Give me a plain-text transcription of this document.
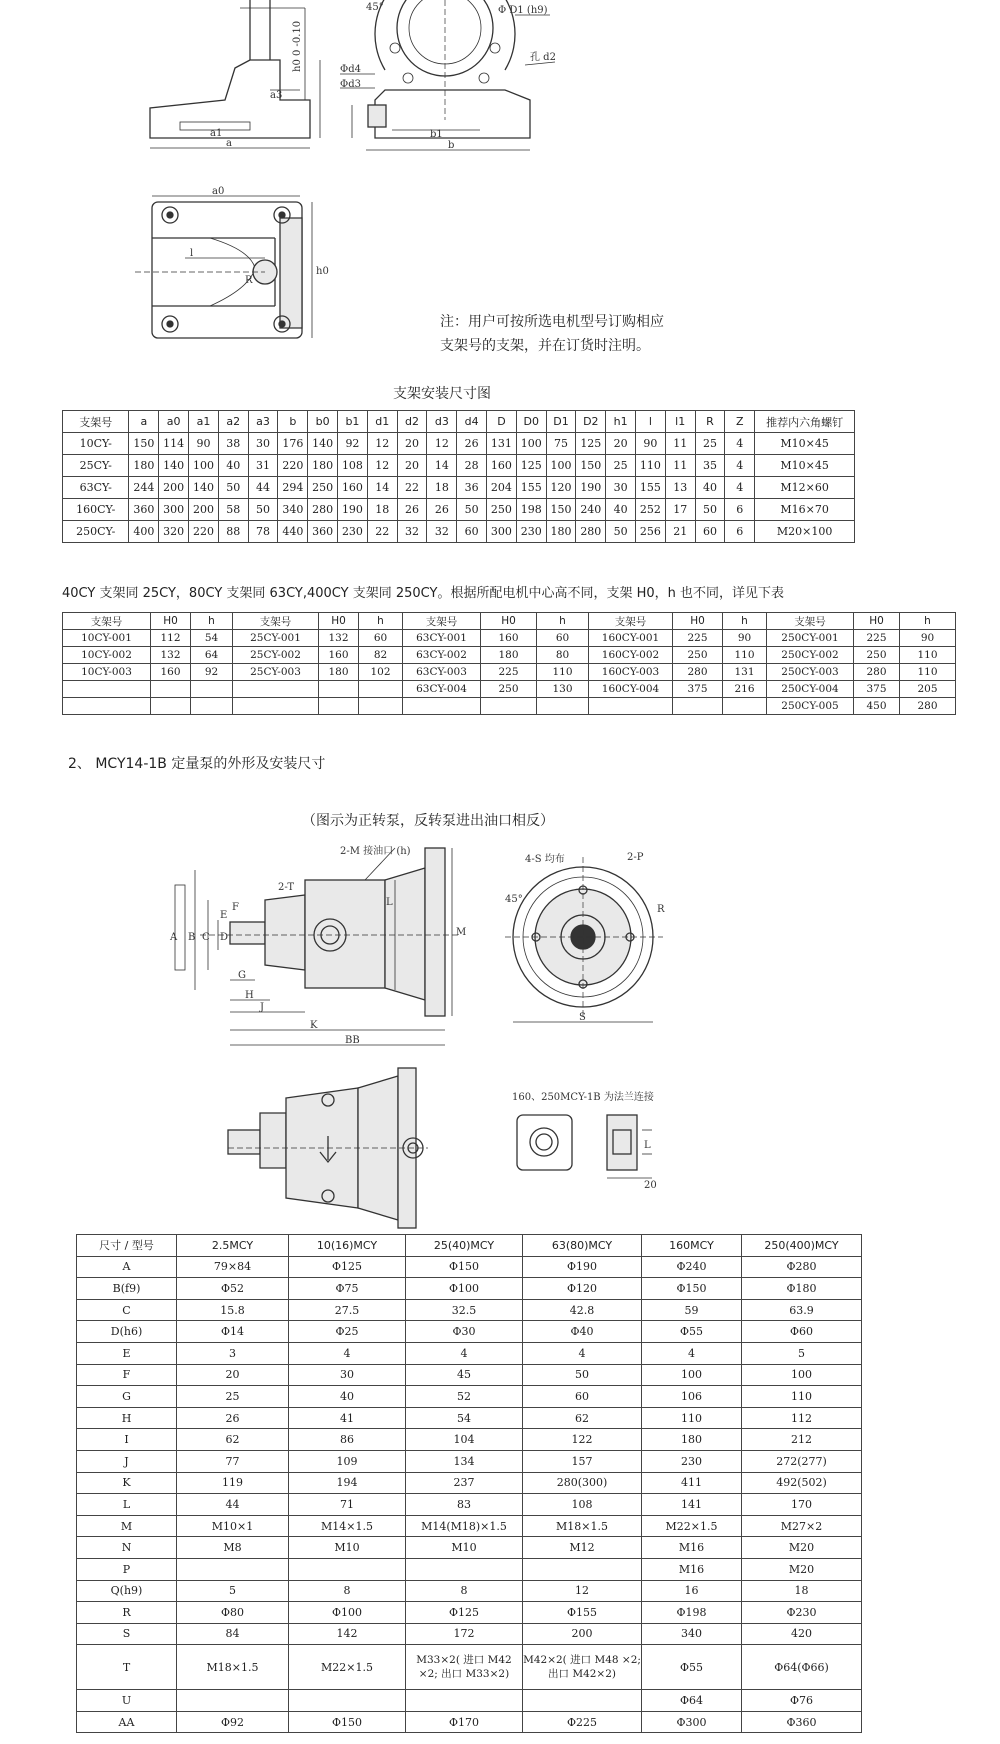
h0 0 -0.10
a3
a1
a
b1
b
Φd4
Φd3
Φ D1 (h9)
45°
孔 d2
a0
l
h0
R
注：用户可按所选电机型号订购相应
支架号的支架，并在订货时注明。
支架安装尺寸图
支架号	a	a0	a1	a2	a3	b	b0	b1	d1	d2	d3	d4	D	D0	D1	D2	h1	l	l1	R	Z	推荐内六角螺钉
10CY-	150	114	90	38	30	176	140	92	12	20	12	26	131	100	75	125	20	90	11	25	4	M10×45
25CY-	180	140	100	40	31	220	180	108	12	20	14	28	160	125	100	150	25	110	11	35	4	M10×45
63CY-	244	200	140	50	44	294	250	160	14	22	18	36	204	155	120	190	30	155	13	40	4	M12×60
160CY-	360	300	200	58	50	340	280	190	18	26	26	50	250	198	150	240	40	252	17	50	6	M16×70
250CY-	400	320	220	88	78	440	360	230	22	32	32	60	300	230	180	280	50	256	21	60	6	M20×100
40CY 支架同 25CY，80CY 支架同 63CY,400CY 支架同 250CY。根据所配电机中心高不同，支架 H0，h 也不同，详见下表
支架号	H0	h	支架号	H0	h	支架号	H0	h	支架号	H0	h	支架号	H0	h
10CY-001	112	54	25CY-001	132	60	63CY-001	160	60	160CY-001	225	90	250CY-001	225	90
10CY-002	132	64	25CY-002	160	82	63CY-002	180	80	160CY-002	250	110	250CY-002	250	110
10CY-003	160	92	25CY-003	180	102	63CY-003	225	110	160CY-003	280	131	250CY-003	280	110
						63CY-004	250	130	160CY-004	375	216	250CY-004	375	205
												250CY-005	450	280
2、 MCY14-1B 定量泵的外形及安装尺寸
（图示为正转泵，反转泵进出油口相反）
2-M 接油口 (h)
2-T
A B C D
E
F
G
H
J
K
BB
L
M
4-S 均布	2-P
45°
R
S
160、250MCY-1B 为法兰连接
L
20
尺寸 / 型号	2.5MCY	10(16)MCY	25(40)MCY	63(80)MCY	160MCY	250(400)MCY
A	79×84	Φ125	Φ150	Φ190	Φ240	Φ280
B(f9)	Φ52	Φ75	Φ100	Φ120	Φ150	Φ180
C	15.8	27.5	32.5	42.8	59	63.9
D(h6)	Φ14	Φ25	Φ30	Φ40	Φ55	Φ60
E	3	4	4	4	4	5
F	20	30	45	50	100	100
G	25	40	52	60	106	110
H	26	41	54	62	110	112
I	62	86	104	122	180	212
J	77	109	134	157	230	272(277)
K	119	194	237	280(300)	411	492(502)
L	44	71	83	108	141	170
M	M10×1	M14×1.5	M14(M18)×1.5	M18×1.5	M22×1.5	M27×2
N	M8	M10	M10	M12	M16	M20
P					M16	M20
Q(h9)	5	8	8	12	16	18
R	Φ80	Φ100	Φ125	Φ155	Φ198	Φ230
S	84	142	172	200	340	420
T	M18×1.5	M22×1.5	M33×2( 进口 M42 ×2; 出口 M33×2)	M42×2( 进口 M48 ×2; 出口 M42×2)	Φ55	Φ64(Φ66)
U					Φ64	Φ76
AA	Φ92	Φ150	Φ170	Φ225	Φ300	Φ360
